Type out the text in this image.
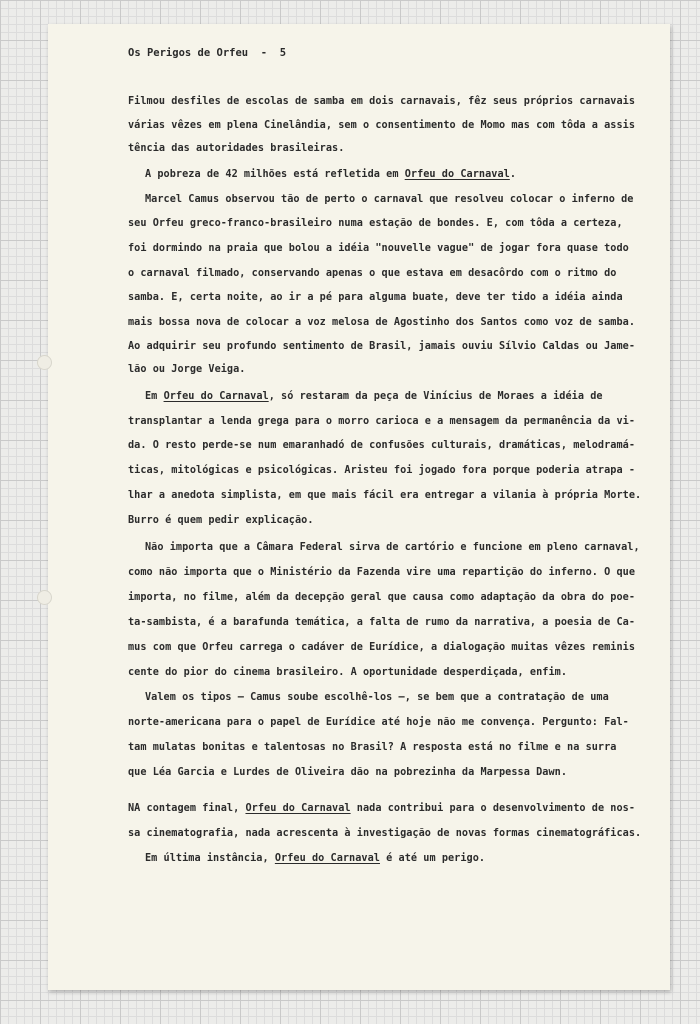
Os Perigos de Orfeu  -  5
Filmou desfiles de escolas de samba em dois carnavais, fêz seus próprios carnavais
várias vêzes em plena Cinelândia, sem o consentimento de Momo mas com tôda a assis
tência das autoridades brasileiras.
A pobreza de 42 milhões está refletida em Orfeu do Carnaval.
Marcel Camus observou tão de perto o carnaval que resolveu colocar o inferno de
seu Orfeu greco-franco-brasileiro numa estação de bondes. E, com tôda a certeza,
foi dormindo na praia que bolou a idéia "nouvelle vague" de jogar fora quase todo
o carnaval filmado, conservando apenas o que estava em desacôrdo com o ritmo do
samba. E, certa noite, ao ir a pé para alguma buate, deve ter tido a idéia ainda
mais bossa nova de colocar a voz melosa de Agostinho dos Santos como voz de samba.
Ao adquirir seu profundo sentimento de Brasil, jamais ouviu Sílvio Caldas ou Jame-
lão ou Jorge Veiga.
Em Orfeu do Carnaval, só restaram da peça de Vinícius de Moraes a idéia de
transplantar a lenda grega para o morro carioca e a mensagem da permanência da vi-
da. O resto perde-se num emaranhadó de confusões culturais, dramáticas, melodramá-
ticas, mitológicas e psicológicas. Aristeu foi jogado fora porque poderia atrapa -
lhar a anedota simplista, em que mais fácil era entregar a vilania à própria Morte.
Burro é quem pedir explicação.
Não importa que a Câmara Federal sirva de cartório e funcione em pleno carnaval,
como não importa que o Ministério da Fazenda vire uma repartição do inferno. O que
importa, no filme, além da decepção geral que causa como adaptação da obra do poe-
ta-sambista, é a barafunda temática, a falta de rumo da narrativa, a poesia de Ca-
mus com que Orfeu carrega o cadáver de Eurídice, a dialogação muitas vêzes reminis
cente do pior do cinema brasileiro. A oportunidade desperdiçada, enfim.
Valem os tipos — Camus soube escolhê-los —, se bem que a contratação de uma
norte-americana para o papel de Eurídice até hoje não me convença. Pergunto: Fal-
tam mulatas bonitas e talentosas no Brasil? A resposta está no filme e na surra
que Léa Garcia e Lurdes de Oliveira dão na pobrezinha da Marpessa Dawn.
NA contagem final, Orfeu do Carnaval nada contribui para o desenvolvimento de nos-
sa cinematografia, nada acrescenta à investigação de novas formas cinematográficas.
Em última instância, Orfeu do Carnaval é até um perigo.
